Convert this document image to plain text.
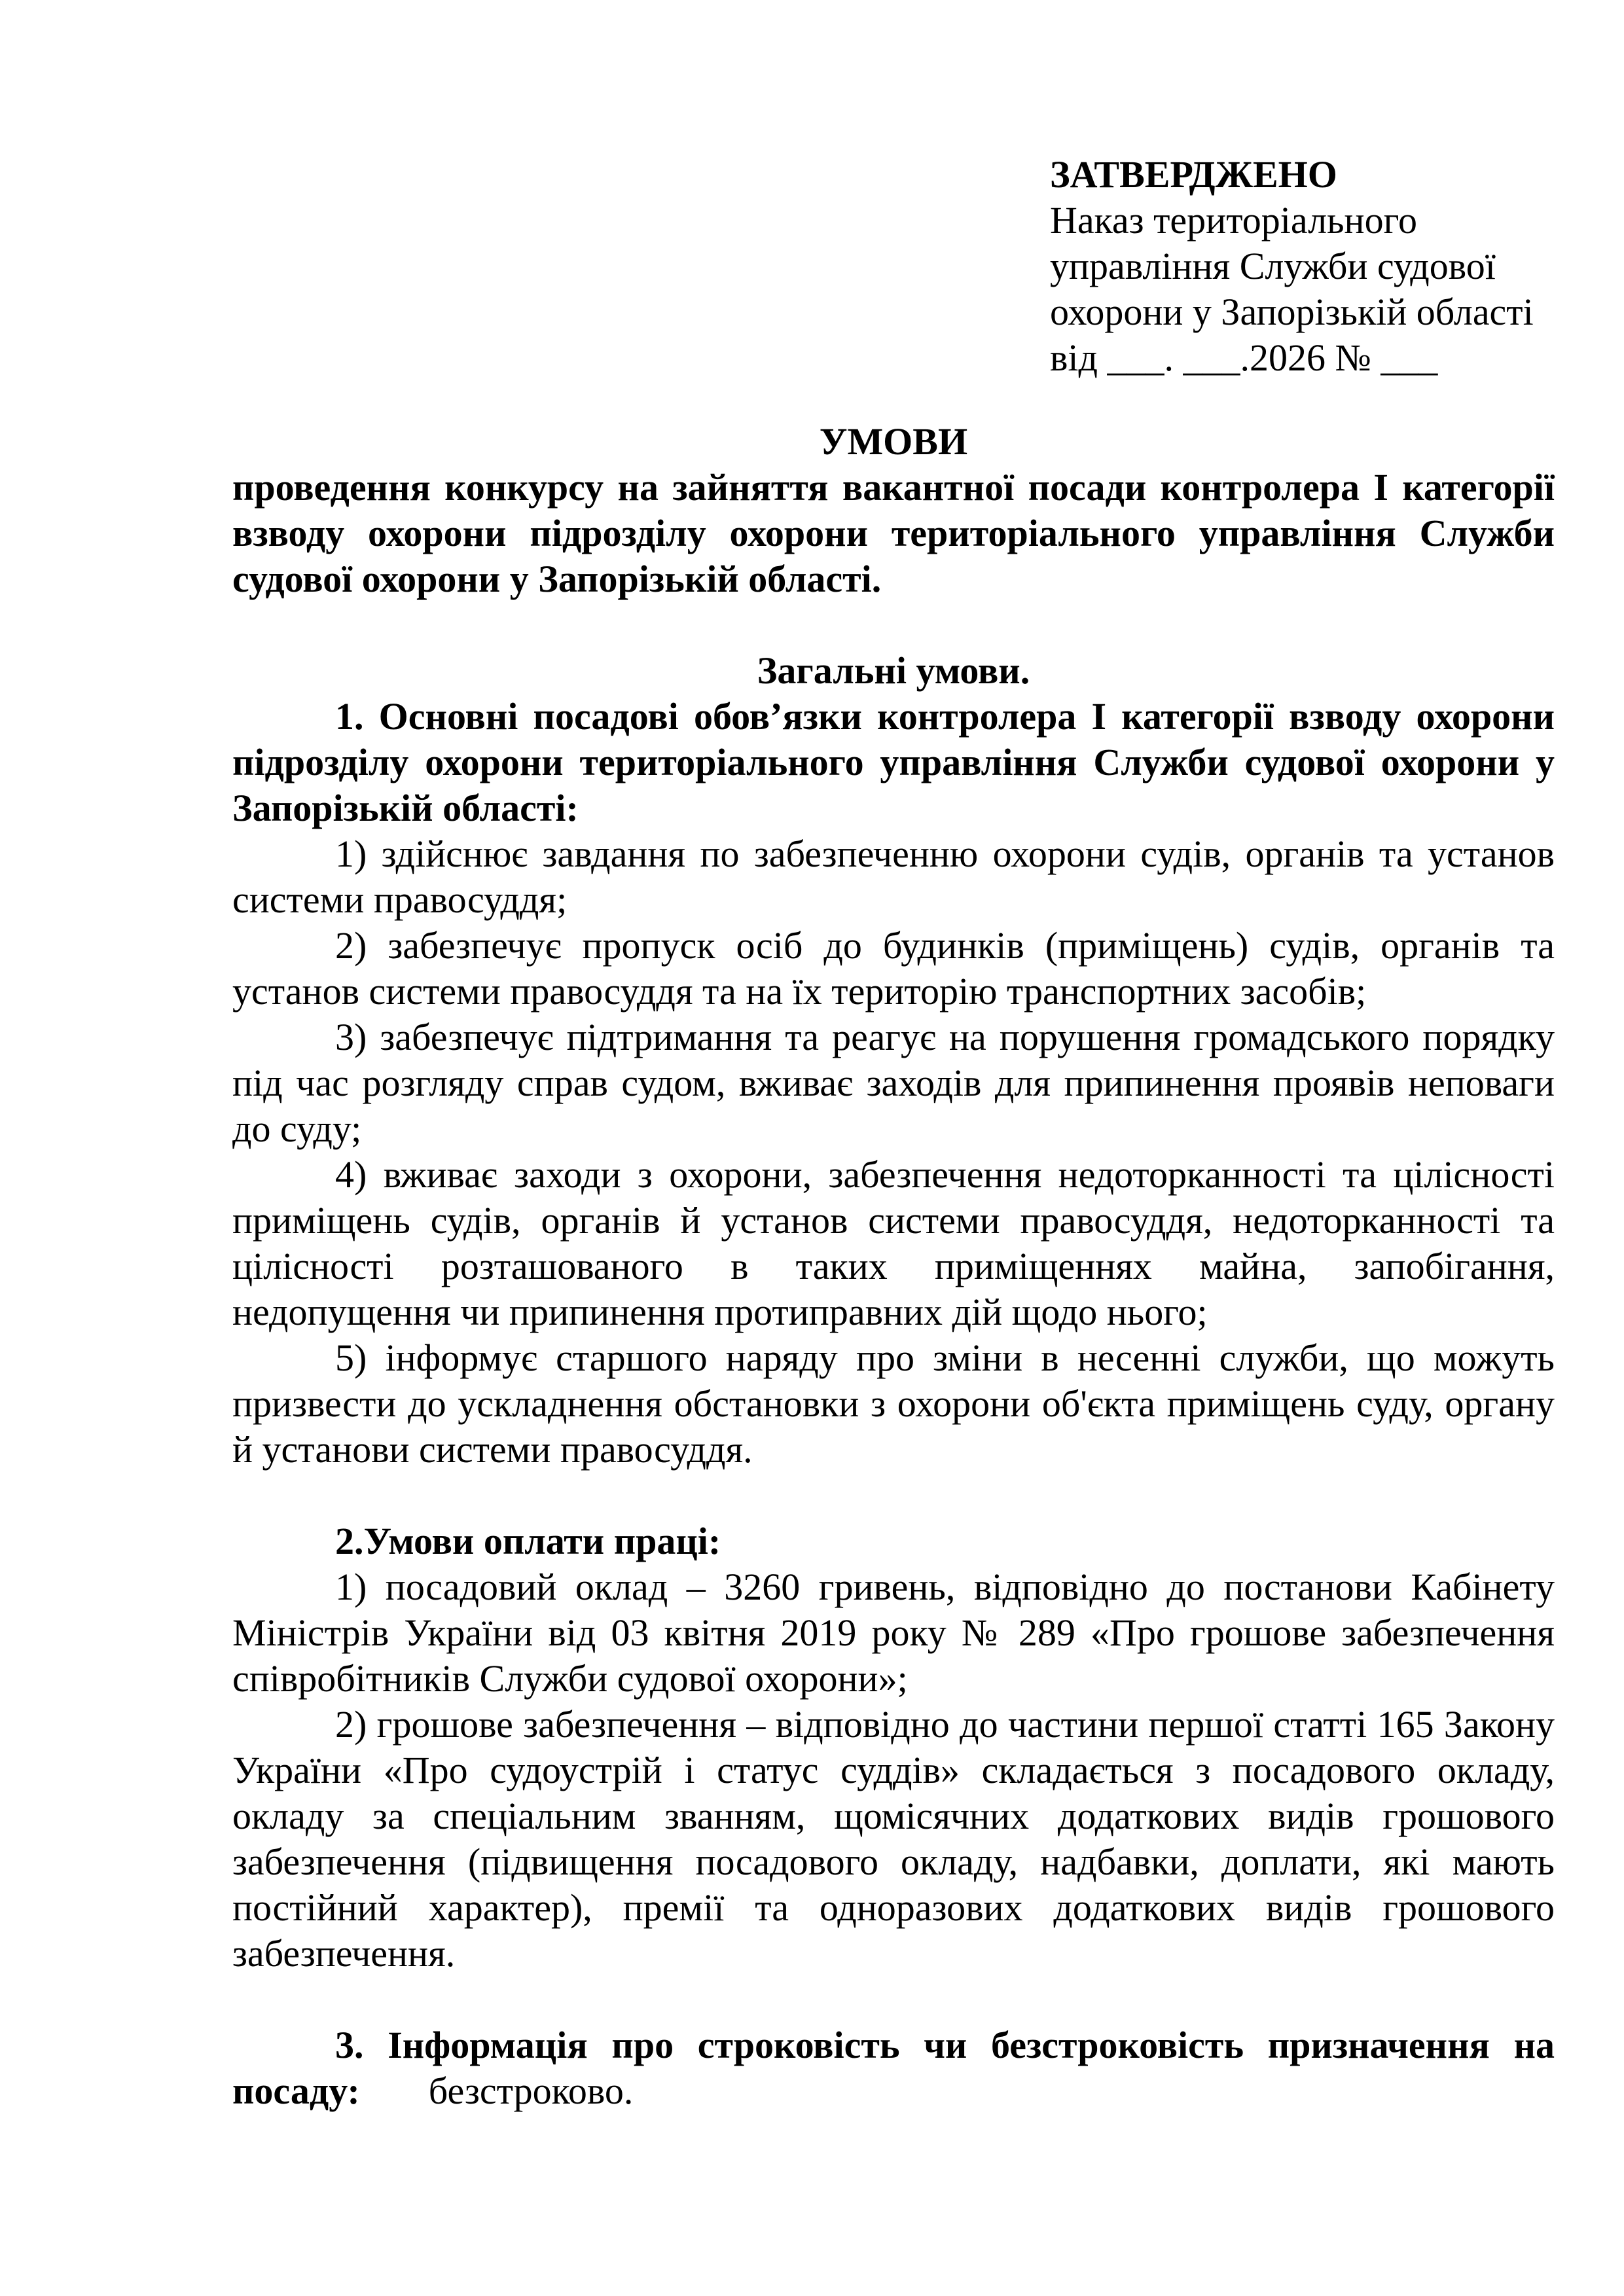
ЗАТВЕРДЖЕНО
Наказ територіального
управління Служби судової
охорони у Запорізькій області
від ___. ___.2026 № ___
УМОВИ

проведення конкурсу на зайняття вакантної посади контролера І категорії взводу охорони підрозділу охорони територіального управління Служби судової охорони у Запорізькій області.

Загальні умови.

1. Основні посадові обов’язки контролера І категорії взводу охорони підрозділу охорони територіального управління Служби судової охорони у Запорізькій області:

1) здійснює завдання по забезпеченню охорони судів, органів та установ системи правосуддя;

2) забезпечує пропуск осіб до будинків (приміщень) судів, органів та установ системи правосуддя та на їх територію транспортних засобів;

3) забезпечує підтримання та реагує на порушення громадського порядку під час розгляду справ судом, вживає заходів для припинення проявів неповаги до суду;

4) вживає заходи з охорони, забезпечення недоторканності та цілісності приміщень судів, органів й установ системи правосуддя, недоторканності та цілісності розташованого в таких приміщеннях майна, запобігання, недопущення чи припинення протиправних дій щодо нього;

5) інформує старшого наряду про зміни в несенні служби, що можуть призвести до ускладнення обстановки з охорони об'єкта приміщень суду, органу й установи системи правосуддя.

2.Умови оплати праці:

1) посадовий оклад – 3260 гривень, відповідно до постанови Кабінету Міністрів України від 03 квітня 2019 року № 289 «Про грошове забезпечення співробітників Служби судової охорони»;

2) грошове забезпечення – відповідно до частини першої статті 165 Закону України «Про судоустрій і статус суддів» складається з посадового окладу, окладу за спеціальним званням, щомісячних додаткових видів грошового забезпечення (підвищення посадового окладу, надбавки, доплати, які мають постійний характер), премії та одноразових додаткових видів грошового забезпечення.

3. Інформація про строковість чи безстроковість призначення на посаду: безстроково.
